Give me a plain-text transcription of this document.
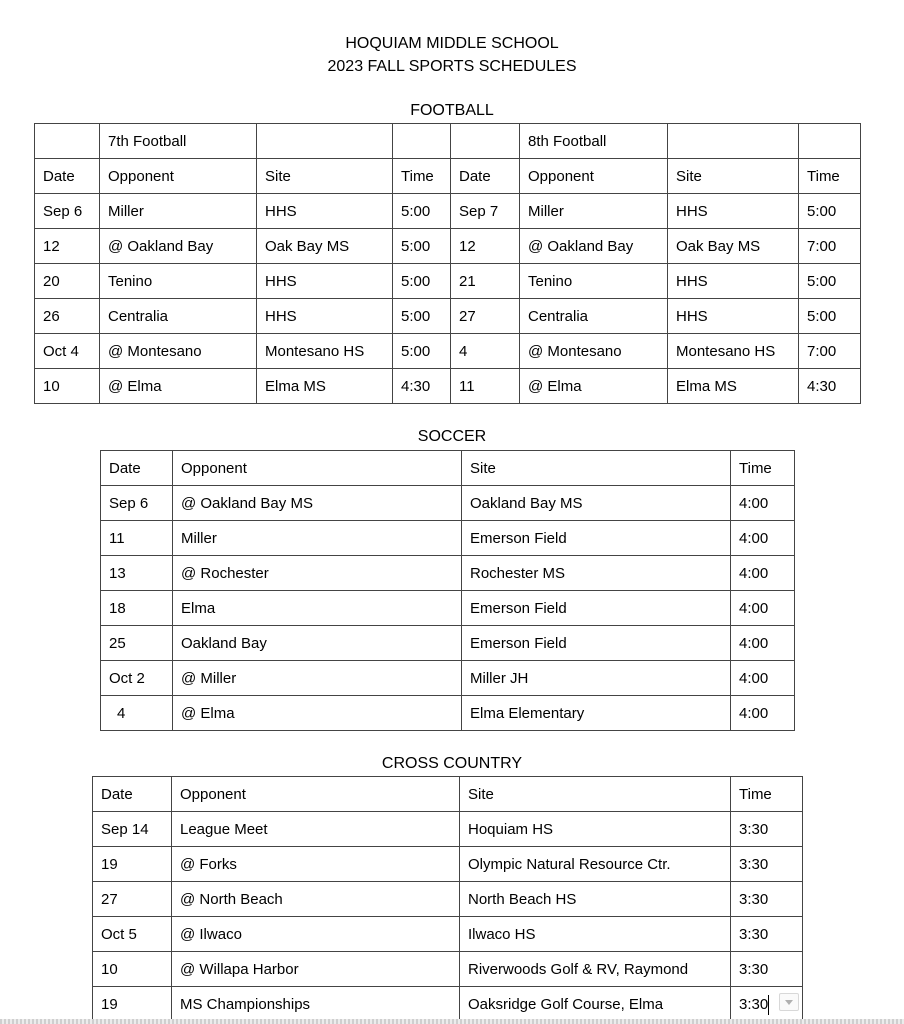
HOQUIAM MIDDLE SCHOOL
2023 FALL SPORTS SCHEDULES
FOOTBALL
	7th Football				8th Football		
Date	Opponent	Site	Time	Date	Opponent	Site	Time
Sep 6	Miller	HHS	5:00	Sep 7	Miller	HHS	5:00
12	@ Oakland Bay	Oak Bay MS	5:00	12	@ Oakland Bay	Oak Bay MS	7:00
20	Tenino	HHS	5:00	21	Tenino	HHS	5:00
26	Centralia	HHS	5:00	27	Centralia	HHS	5:00
Oct 4	@ Montesano	Montesano HS	5:00	4	@ Montesano	Montesano HS	7:00
10	@ Elma	Elma MS	4:30	11	@ Elma	Elma MS	4:30
SOCCER
Date	Opponent	Site	Time
Sep 6	@ Oakland Bay MS	Oakland Bay MS	4:00
11	Miller	Emerson Field	4:00
13	@ Rochester	Rochester MS	4:00
18	Elma	Emerson Field	4:00
25	Oakland Bay	Emerson Field	4:00
Oct 2	@ Miller	Miller JH	4:00
4	@ Elma	Elma Elementary	4:00
CROSS COUNTRY
Date	Opponent	Site	Time
Sep 14	League Meet	Hoquiam HS	3:30
19	@ Forks	Olympic Natural Resource Ctr.	3:30
27	@ North Beach	North Beach HS	3:30
Oct 5	@ Ilwaco	Ilwaco HS	3:30
10	@ Willapa Harbor	Riverwoods Golf & RV, Raymond	3:30
19	MS Championships	Oaksridge Golf Course, Elma	3:30
